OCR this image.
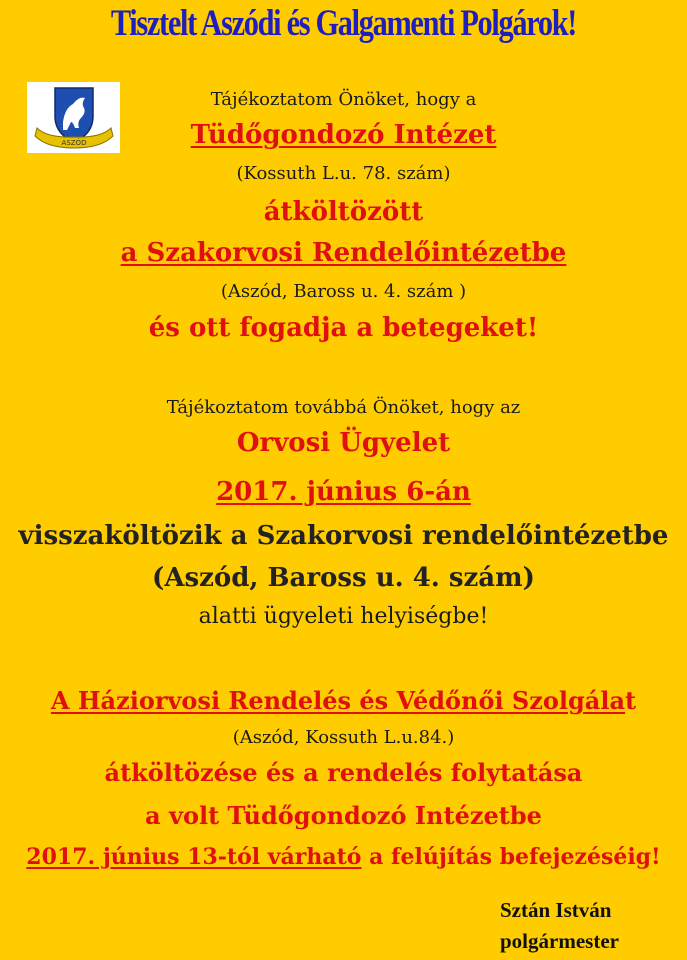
Tisztelt Aszódi és Galgamenti Polgárok!
ASZÓD
Tájékoztatom Önöket, hogy a
Tüdőgondozó Intézet
(Kossuth L.u. 78. szám)
átköltözött
a Szakorvosi Rendelőintézetbe
(Aszód, Baross u. 4. szám )
és ott fogadja a betegeket!
Tájékoztatom továbbá Önöket, hogy az
Orvosi Ügyelet
2017. június 6-án
visszaköltözik a Szakorvosi rendelőintézetbe
(Aszód, Baross u. 4. szám)
alatti ügyeleti helyiségbe!
A Háziorvosi Rendelés és Védőnői Szolgálat
(Aszód, Kossuth L.u.84.)
átköltözése és a rendelés folytatása
a volt Tüdőgondozó Intézetbe
2017. június 13-tól várható a felújítás befejezéséig!
Sztán István
polgármester
